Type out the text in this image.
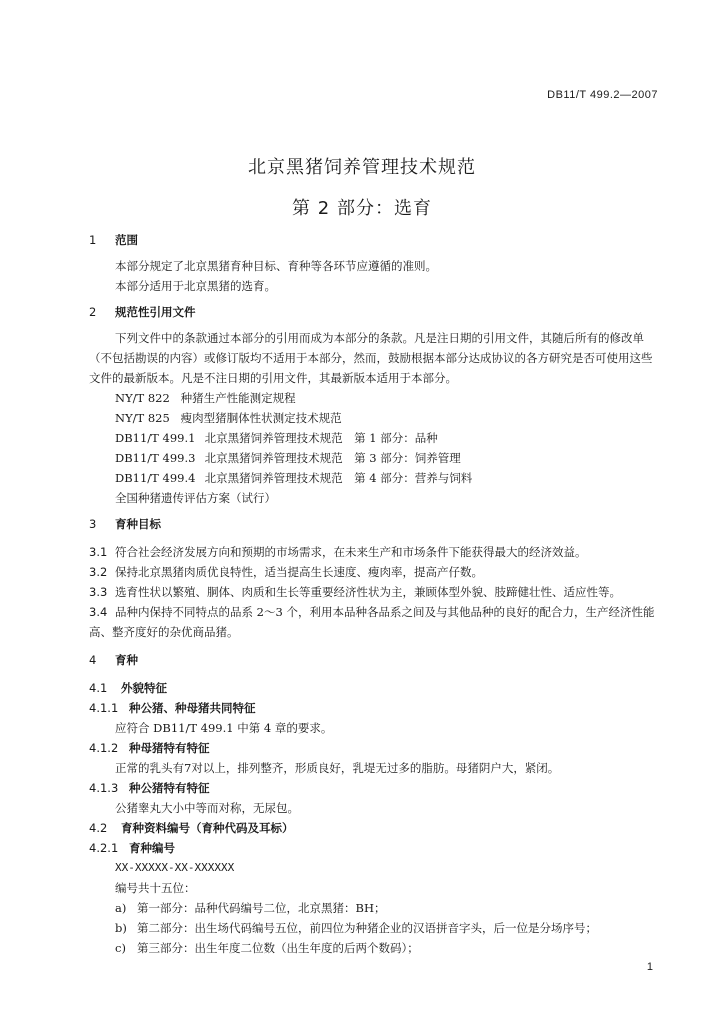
DB11/T 499.2—2007
北京黑猪饲养管理技术规范
第 2 部分：选育
1 范围

本部分规定了北京黑猪育种目标、育种等各环节应遵循的准则。

本部分适用于北京黑猪的选育。

2 规范性引用文件

下列文件中的条款通过本部分的引用而成为本部分的条款。凡是注日期的引用文件，其随后所有的修改单（不包括勘误的内容）或修订版均不适用于本部分，然而，鼓励根据本部分达成协议的各方研究是否可使用这些文件的最新版本。凡是不注日期的引用文件，其最新版本适用于本部分。

NY/T 822 种猪生产性能测定规程

NY/T 825 瘦肉型猪胴体性状测定技术规范

DB11/T 499.1 北京黑猪饲养管理技术规范　第 1 部分：品种

DB11/T 499.3 北京黑猪饲养管理技术规范　第 3 部分：饲养管理

DB11/T 499.4 北京黑猪饲养管理技术规范　第 4 部分：营养与饲料

全国种猪遗传评估方案（试行）

3 育种目标

3.1 符合社会经济发展方向和预期的市场需求，在未来生产和市场条件下能获得最大的经济效益。

3.2 保持北京黑猪肉质优良特性，适当提高生长速度、瘦肉率，提高产仔数。

3.3 选育性状以繁殖、胴体、肉质和生长等重要经济性状为主，兼顾体型外貌、肢蹄健壮性、适应性等。

3.4 品种内保持不同特点的品系 2～3 个，利用本品种各品系之间及与其他品种的良好的配合力，生产经济性能高、整齐度好的杂优商品猪。

4 育种
4.1 外貌特征
4.1.1 种公猪、种母猪共同特征

应符合 DB11/T 499.1 中第 4 章的要求。

4.1.2 种母猪特有特征

正常的乳头有7对以上，排列整齐，形质良好，乳堤无过多的脂肪。母猪阴户大，紧闭。

4.1.3 种公猪特有特征

公猪睾丸大小中等而对称，无尿包。

4.2 育种资料编号（育种代码及耳标）
4.2.1 育种编号

XX-XXXXX-XX-XXXXXX

编号共十五位：

a) 第一部分：品种代码编号二位，北京黑猪：BH；

b) 第二部分：出生场代码编号五位，前四位为种猪企业的汉语拼音字头，后一位是分场序号；

c) 第三部分：出生年度二位数（出生年度的后两个数码）；

1
